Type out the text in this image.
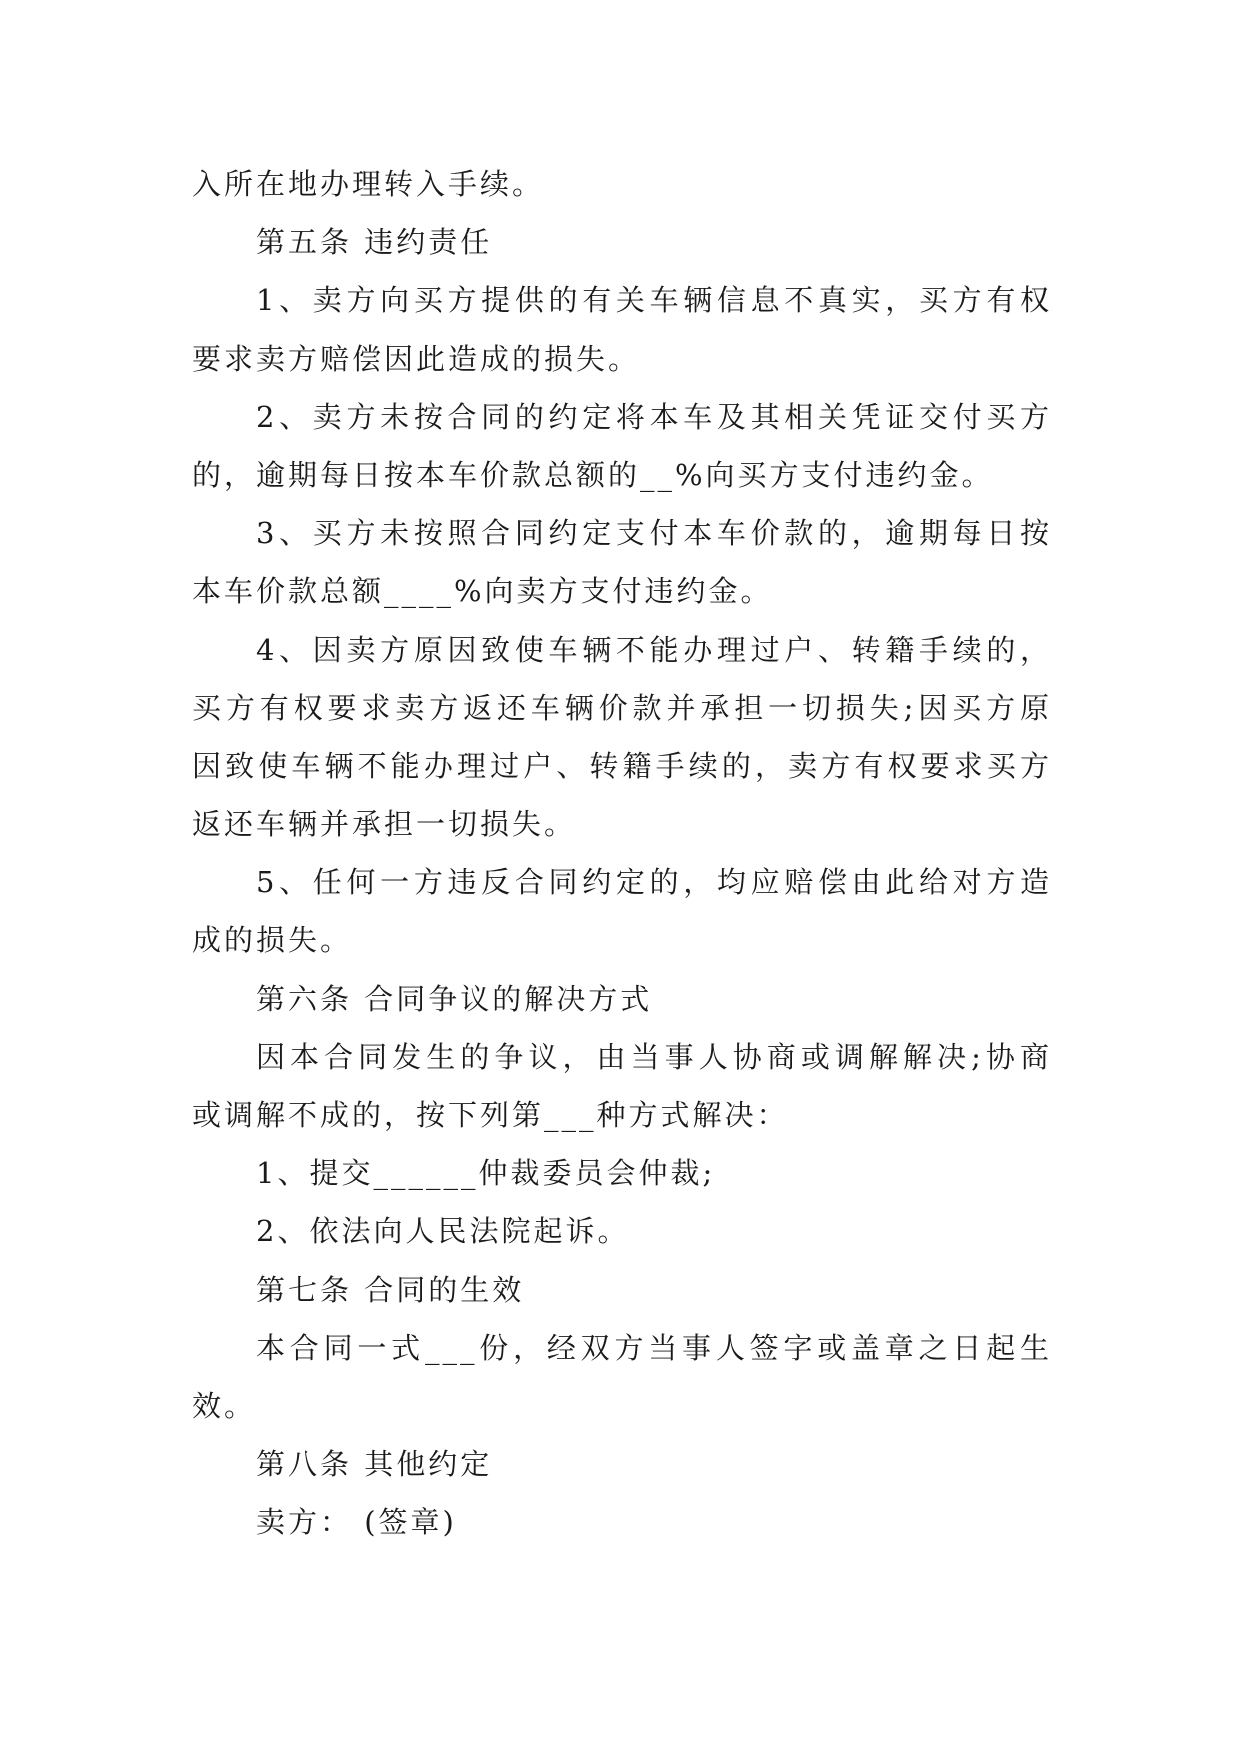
入所在地办理转入手续。
第五条 违约责任
1、卖方向买方提供的有关车辆信息不真实，买方有权
要求卖方赔偿因此造成的损失。
2、卖方未按合同的约定将本车及其相关凭证交付买方
的，逾期每日按本车价款总额的__%向买方支付违约金。
3、买方未按照合同约定支付本车价款的，逾期每日按
本车价款总额____%向卖方支付违约金。
4、因卖方原因致使车辆不能办理过户、转籍手续的，
买方有权要求卖方返还车辆价款并承担一切损失;因买方原
因致使车辆不能办理过户、转籍手续的，卖方有权要求买方
返还车辆并承担一切损失。
5、任何一方违反合同约定的，均应赔偿由此给对方造
成的损失。
第六条 合同争议的解决方式
因本合同发生的争议，由当事人协商或调解解决;协商
或调解不成的，按下列第___种方式解决：
1、提交______仲裁委员会仲裁;
2、依法向人民法院起诉。
第七条 合同的生效
本合同一式___份，经双方当事人签字或盖章之日起生
效。
第八条 其他约定
卖方： (签章)
